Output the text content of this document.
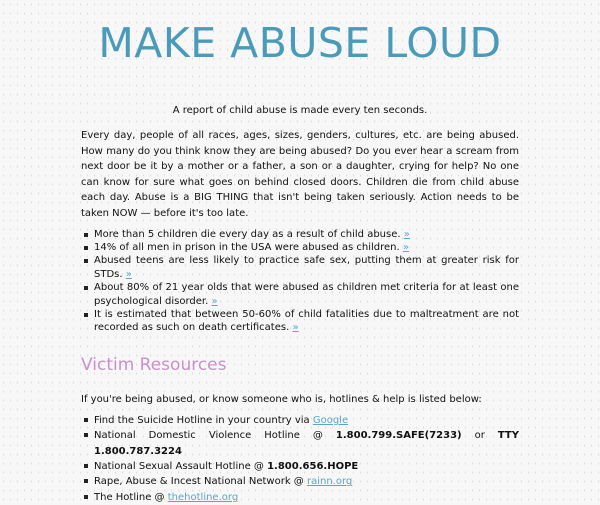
MAKE ABUSE LOUD

A report of child abuse is made every ten seconds.

Every day, people of all races, ages, sizes, genders, cultures, etc. are being abused. How many do you think know they are being abused? Do you ever hear a scream from next door be it by a mother or a father, a son or a daughter, crying for help? No one can know for sure what goes on behind closed doors. Children die from child abuse each day. Abuse is a BIG THING that isn't being taken seriously. Action needs to be taken NOW — before it's too late.

More than 5 children die every day as a result of child abuse. »
14% of all men in prison in the USA were abused as children. »
Abused teens are less likely to practice safe sex, putting them at greater risk for STDs. »
About 80% of 21 year olds that were abused as children met criteria for at least one psychological disorder. »
It is estimated that between 50-60% of child fatalities due to maltreatment are not recorded as such on death certificates. »
Victim Resources

If you're being abused, or know someone who is, hotlines & help is listed below:

Find the Suicide Hotline in your country via Google
National Domestic Violence Hotline @ 1.800.799.SAFE(7233) or TTY 1.800.787.3224
National Sexual Assault Hotline @ 1.800.656.HOPE
Rape, Abuse & Incest National Network @ rainn.org
The Hotline @ thehotline.org
